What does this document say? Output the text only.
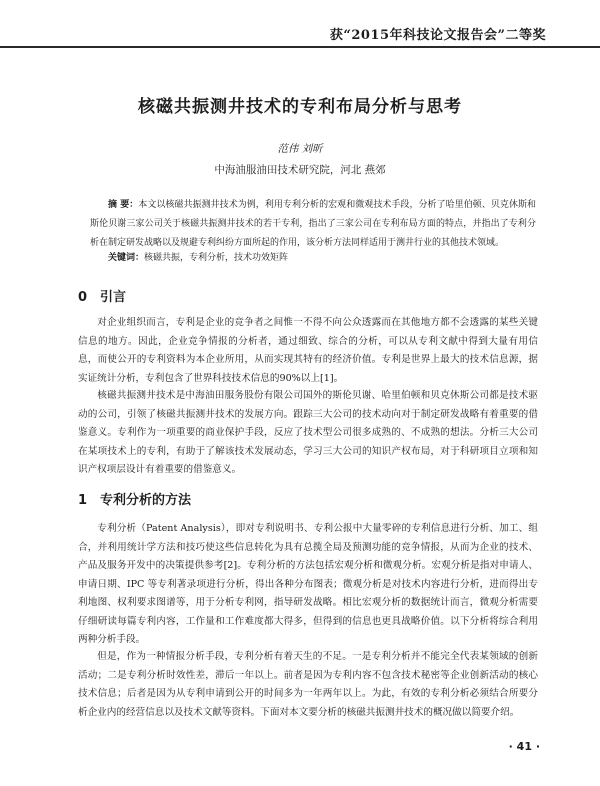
获“2015年科技论文报告会”二等奖
核磁共振测井技术的专利布局分析与思考
范伟 刘昕
中海油服油田技术研究院，河北 燕郊
摘 要：本文以核磁共振测井技术为例，利用专利分析的宏观和微观技术手段，分析了哈里伯顿、贝克休斯和斯伦贝谢三家公司关于核磁共振测井技术的若干专利，指出了三家公司在专利布局方面的特点，并指出了专利分析在制定研发战略以及规避专利纠纷方面所起的作用，该分析方法同样适用于测井行业的其他技术领域。
关键词：核磁共振，专利分析，技术功效矩阵
0 引言
对企业组织而言，专利是企业的竞争者之间惟一不得不向公众透露而在其他地方都不会透露的某些关键信息的地方。因此，企业竞争情报的分析者，通过细致、综合的分析，可以从专利文献中得到大量有用信息，而使公开的专利资料为本企业所用，从而实现其特有的经济价值。专利是世界上最大的技术信息源，据实证统计分析，专利包含了世界科技技术信息的90%以上[1]。
核磁共振测井技术是中海油田服务股份有限公司国外的斯伦贝谢、哈里伯顿和贝克休斯公司都是技术驱动的公司，引领了核磁共振测井技术的发展方向。跟踪三大公司的技术动向对于制定研发战略有着重要的借鉴意义。专利作为一项重要的商业保护手段，反应了技术型公司很多成熟的、不成熟的想法。分析三大公司在某项技术上的专利，有助于了解该技术发展动态，学习三大公司的知识产权布局，对于科研项目立项和知识产权项层设计有着重要的借鉴意义。
1 专利分析的方法
专利分析（Patent Analysis），即对专利说明书、专利公报中大量零碎的专利信息进行分析、加工、组合，并利用统计学方法和技巧使这些信息转化为具有总揽全局及预测功能的竞争情报，从而为企业的技术、产品及服务开发中的决策提供参考[2]。专利分析的方法包括宏观分析和微观分析。宏观分析是指对申请人、申请日期、IPC 等专利著录项进行分析，得出各种分布图表；微观分析是对技术内容进行分析，进而得出专利地图、权利要求图谱等，用于分析专利网，指导研发战略。相比宏观分析的数据统计而言，微观分析需要仔细研读每篇专利内容，工作量和工作难度都大得多，但得到的信息也更具战略价值。以下分析将综合利用两种分析手段。
但是，作为一种情报分析手段，专利分析有着天生的不足。一是专利分析并不能完全代表某领域的创新活动；二是专利分析时效性差，滞后一年以上。前者是因为专利内容不包含技术秘密等企业创新活动的核心技术信息；后者是因为从专利申请到公开的时间多为一年两年以上。为此，有效的专利分析必须结合所要分析企业内的经营信息以及技术文献等资料。下面对本文要分析的核磁共振测井技术的概况做以简要介绍。
· 41 ·
